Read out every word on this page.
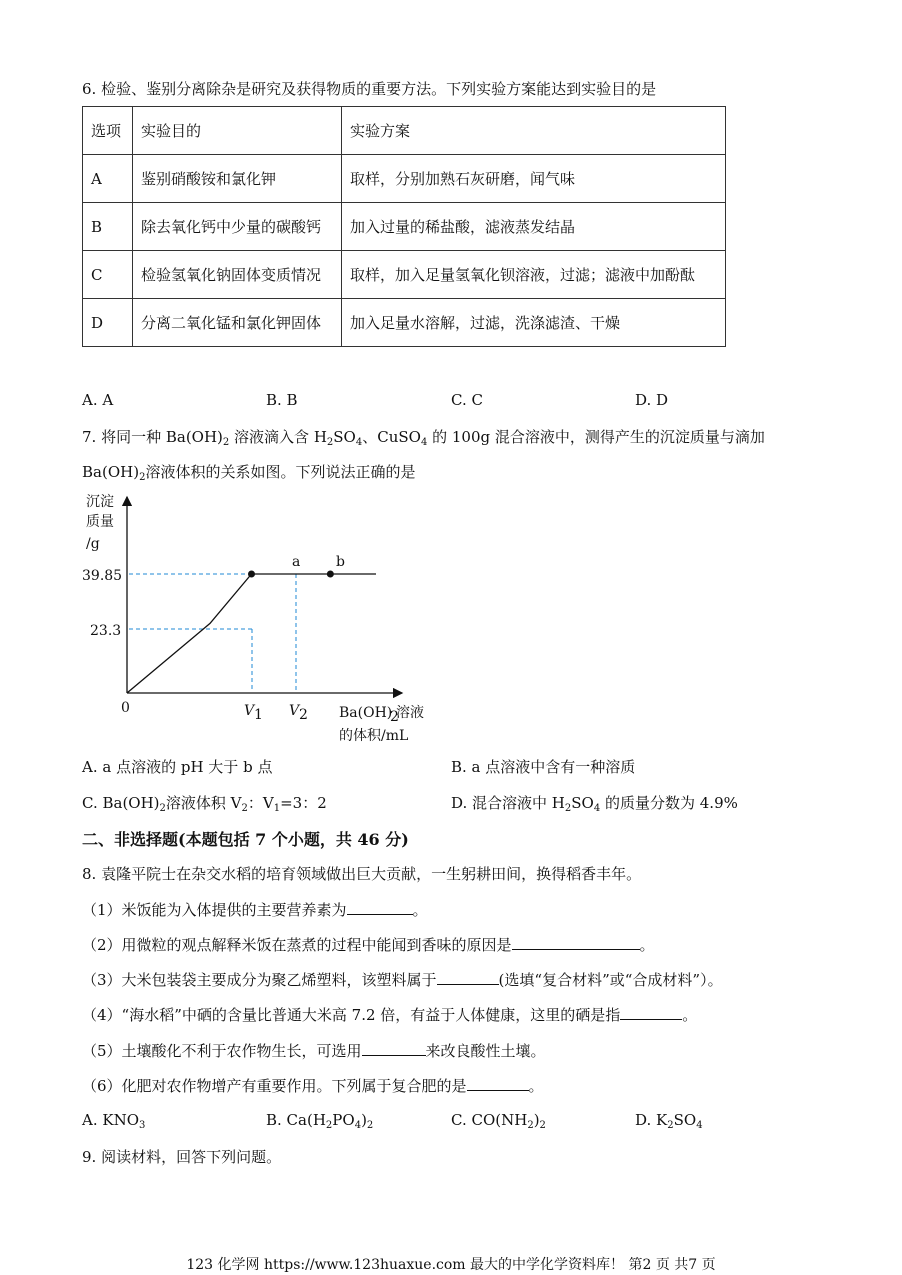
6. 检验、鉴别分离除杂是研究及获得物质的重要方法。下列实验方案能达到实验目的是
选项	实验目的	实验方案
A	鉴别硝酸铵和氯化钾	取样，分别加熟石灰研磨，闻气味
B	除去氧化钙中少量的碳酸钙	加入过量的稀盐酸，滤液蒸发结晶
C	检验氢氧化钠固体变质情况	取样，加入足量氢氧化钡溶液，过滤；滤液中加酚酞
D	分离二氧化锰和氯化钾固体	加入足量水溶解，过滤，洗涤滤渣、干燥
A. A	B. B	C. C	D. D
7. 将同一种 $Ba(OH)_2$ 溶液滴入含 $H_2SO_4$、CuSO$_4$ 的 100g 混合溶液中，测得产生的沉淀质量与滴加
$Ba(OH)_2$溶液体积的关系如图。下列说法正确的是
沉淀
质量
/g
39.85
23.3
0	V 1 V 2 Ba(OH)
2
溶液
的体积/mL
a	b
A. a 点溶液的 pH 大于 b 点	B. a 点溶液中含有一种溶质
C. $Ba(OH)_2$溶液体积 $V_2$：$V_1=3$：2	D. 混合溶液中 $H_2SO_4$ 的质量分数为 4.9%
二、非选择题(本题包括 7 个小题，共 46 分)
8. 袁隆平院士在杂交水稻的培育领域做出巨大贡献，一生躬耕田间，换得稻香丰年。
（1）米饭能为入体提供的主要营养素为	。
（2）用微粒的观点解释米饭在蒸煮的过程中能闻到香味的原因是	。
（3）大米包装袋主要成分为聚乙烯塑料，该塑料属于	(选填“复合材料”或“合成材料”）。
（4）“海水稻”中硒的含量比普通大米高 7.2 倍，有益于人体健康，这里的硒是指	。
（5）土壤酸化不利于农作物生长，可选用	来改良酸性土壤。
（6）化肥对农作物增产有重要作用。下列属于复合肥的是	。
A. $KNO_3$	B. $Ca(H_2PO_4)_2$	C. $CO(NH_2)_2$	D. $K_2SO_4$
9. 阅读材料，回答下列问题。
123 化学网 https://www.123huaxue.com 最大的中学化学资料库！ 第2 页 共7 页
